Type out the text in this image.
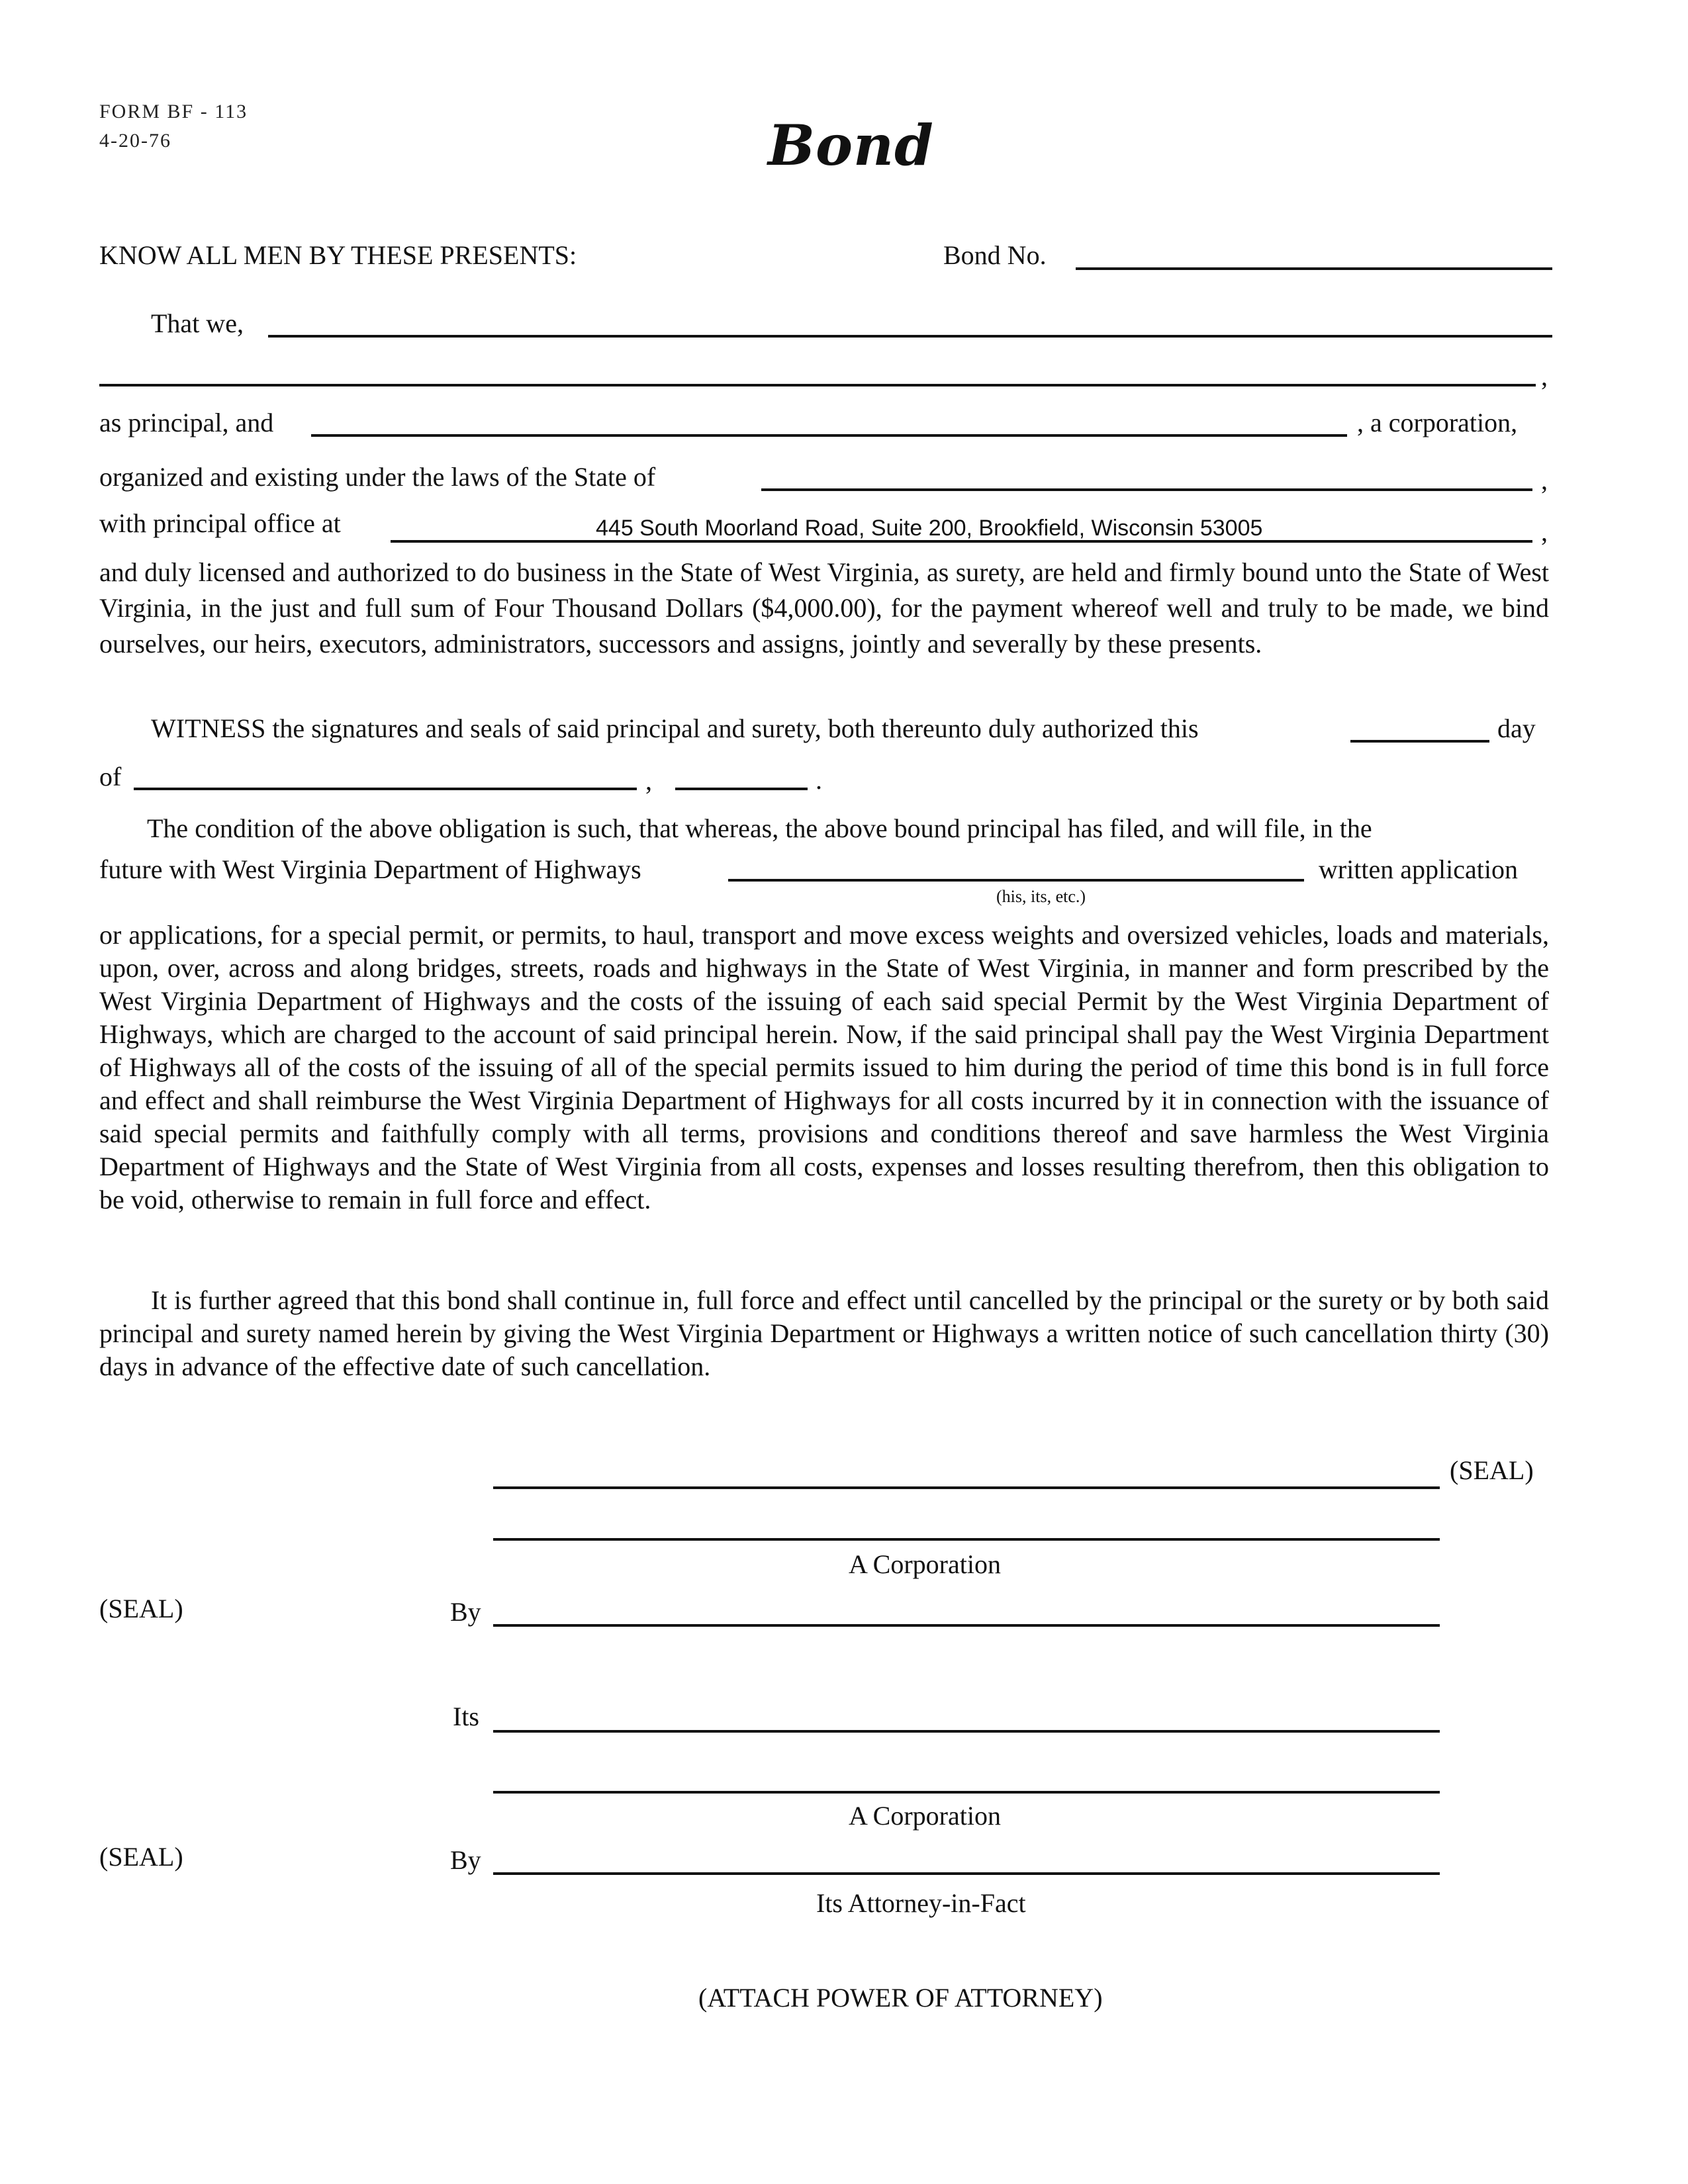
FORM BF - 113
4-20-76	Bond
KNOW ALL MEN BY THESE PRESENTS:	Bond No.
That we,
,
as principal, and	, a corporation,
organized and existing under the laws of the State of	,
with principal office at	445 South Moorland Road, Suite 200, Brookfield, Wisconsin 53005	,

and duly licensed and authorized to do business in the State of West Virginia, as surety, are held and firmly bound unto the State of West Virginia, in the just and full sum of Four Thousand Dollars ($4,000.00), for the payment whereof well and truly to be made, we bind ourselves, our heirs, executors, administrators, successors and assigns, jointly and severally by these presents.

WITNESS the signatures and seals of said principal and surety, both thereunto duly authorized this	day
of	,	.
The condition of the above obligation is such, that whereas, the above bound principal has filed, and will file, in the
future with West Virginia Department of Highways
(his, its, etc.)
written application

or applications, for a special permit, or permits, to haul, transport and move excess weights and oversized vehicles, loads and materials, upon, over, across and along bridges, streets, roads and highways in the State of West Virginia, in manner and form prescribed by the West Virginia Department of Highways and the costs of the issuing of each said special Permit by the West Virginia Department of Highways, which are charged to the account of said principal herein. Now, if the said principal shall pay the West Virginia Department of Highways all of the costs of the issuing of all of the special permits issued to him during the period of time this bond is in full force and effect and shall reimburse the West Virginia Department of Highways for all costs incurred by it in connection with the issuance of said special permits and faithfully comply with all terms, provisions and conditions thereof and save harmless the West Virginia Department of Highways and the State of West Virginia from all costs, expenses and losses resulting therefrom, then this obligation to be void, otherwise to remain in full force and effect.

It is further agreed that this bond shall continue in, full force and effect until cancelled by the principal or the surety or by both said principal and surety named herein by giving the West Virginia Department or Highways a written notice of such cancellation thirty (30) days in advance of the effective date of such cancellation.

(SEAL)
A Corporation
(SEAL)	By
Its
A Corporation
(SEAL)	By
Its Attorney-in-Fact
(ATTACH POWER OF ATTORNEY)
